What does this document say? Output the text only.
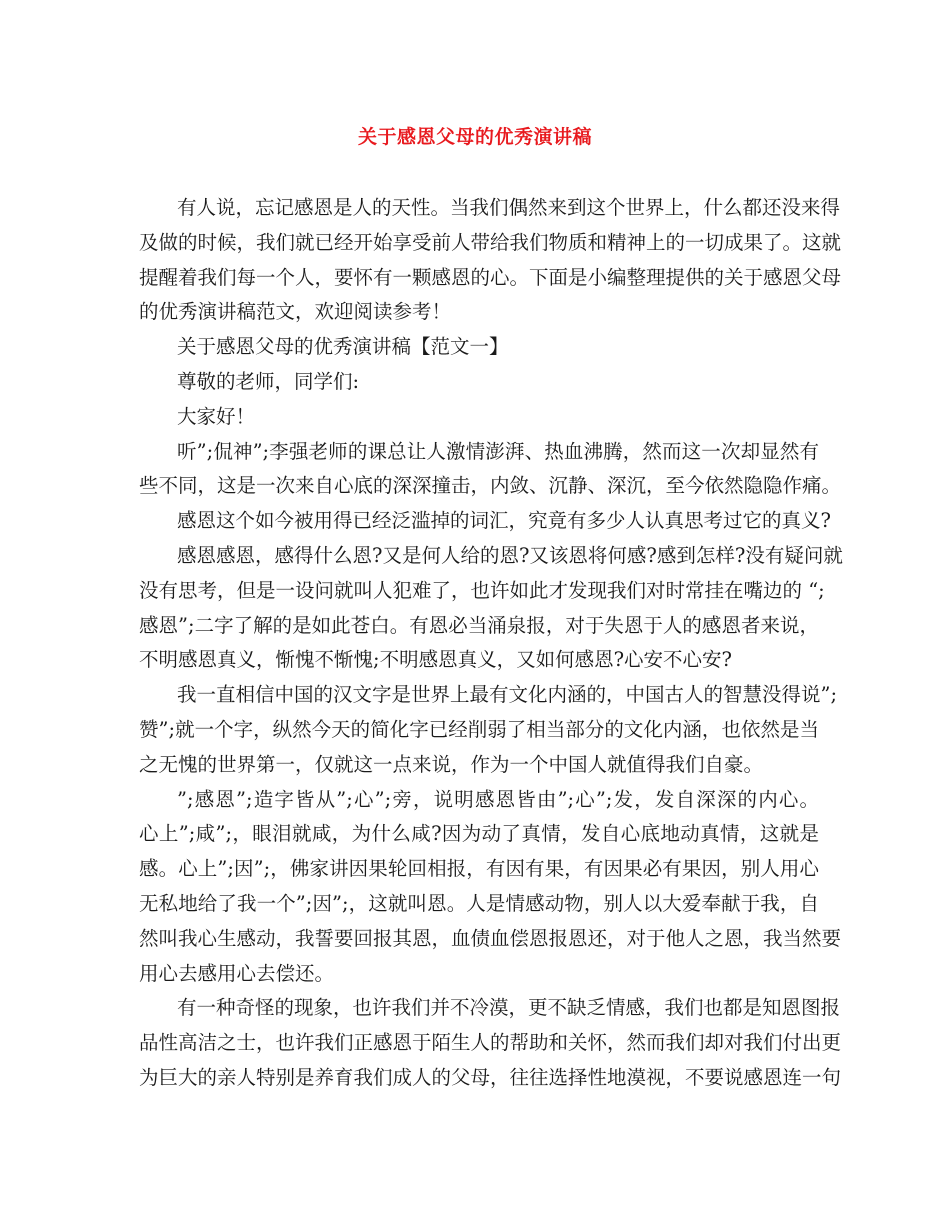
关于感恩父母的优秀演讲稿
有人说，忘记感恩是人的天性。当我们偶然来到这个世界上，什么都还没来得
及做的时候，我们就已经开始享受前人带给我们物质和精神上的一切成果了。这就
提醒着我们每一个人，要怀有一颗感恩的心。下面是小编整理提供的关于感恩父母
的优秀演讲稿范文，欢迎阅读参考！
关于感恩父母的优秀演讲稿【范文一】
尊敬的老师，同学们:
大家好！
听”;侃神”;李强老师的课总让人激情澎湃、热血沸腾，然而这一次却显然有
些不同，这是一次来自心底的深深撞击，内敛、沉静、深沉，至今依然隐隐作痛。
感恩这个如今被用得已经泛滥掉的词汇，究竟有多少人认真思考过它的真义?
感恩感恩，感得什么恩?又是何人给的恩?又该恩将何感?感到怎样?没有疑问就
没有思考，但是一设问就叫人犯难了，也许如此才发现我们对时常挂在嘴边的 “;
感恩”;二字了解的是如此苍白。有恩必当涌泉报，对于失恩于人的感恩者来说，
不明感恩真义，惭愧不惭愧;不明感恩真义，又如何感恩?心安不心安?
我一直相信中国的汉文字是世界上最有文化内涵的，中国古人的智慧没得说”;
赞”;就一个字，纵然今天的简化字已经削弱了相当部分的文化内涵，也依然是当
之无愧的世界第一，仅就这一点来说，作为一个中国人就值得我们自豪。
”;感恩”;造字皆从”;心”;旁，说明感恩皆由”;心”;发，发自深深的内心。
心上”;咸”;，眼泪就咸，为什么咸?因为动了真情，发自心底地动真情，这就是
感。心上”;因”;，佛家讲因果轮回相报，有因有果，有因果必有果因，别人用心
无私地给了我一个”;因”;，这就叫恩。人是情感动物，别人以大爱奉献于我，自
然叫我心生感动，我誓要回报其恩，血债血偿恩报恩还，对于他人之恩，我当然要
用心去感用心去偿还。
有一种奇怪的现象，也许我们并不冷漠，更不缺乏情感，我们也都是知恩图报
品性高洁之士，也许我们正感恩于陌生人的帮助和关怀，然而我们却对我们付出更
为巨大的亲人特别是养育我们成人的父母，往往选择性地漠视，不要说感恩连一句
